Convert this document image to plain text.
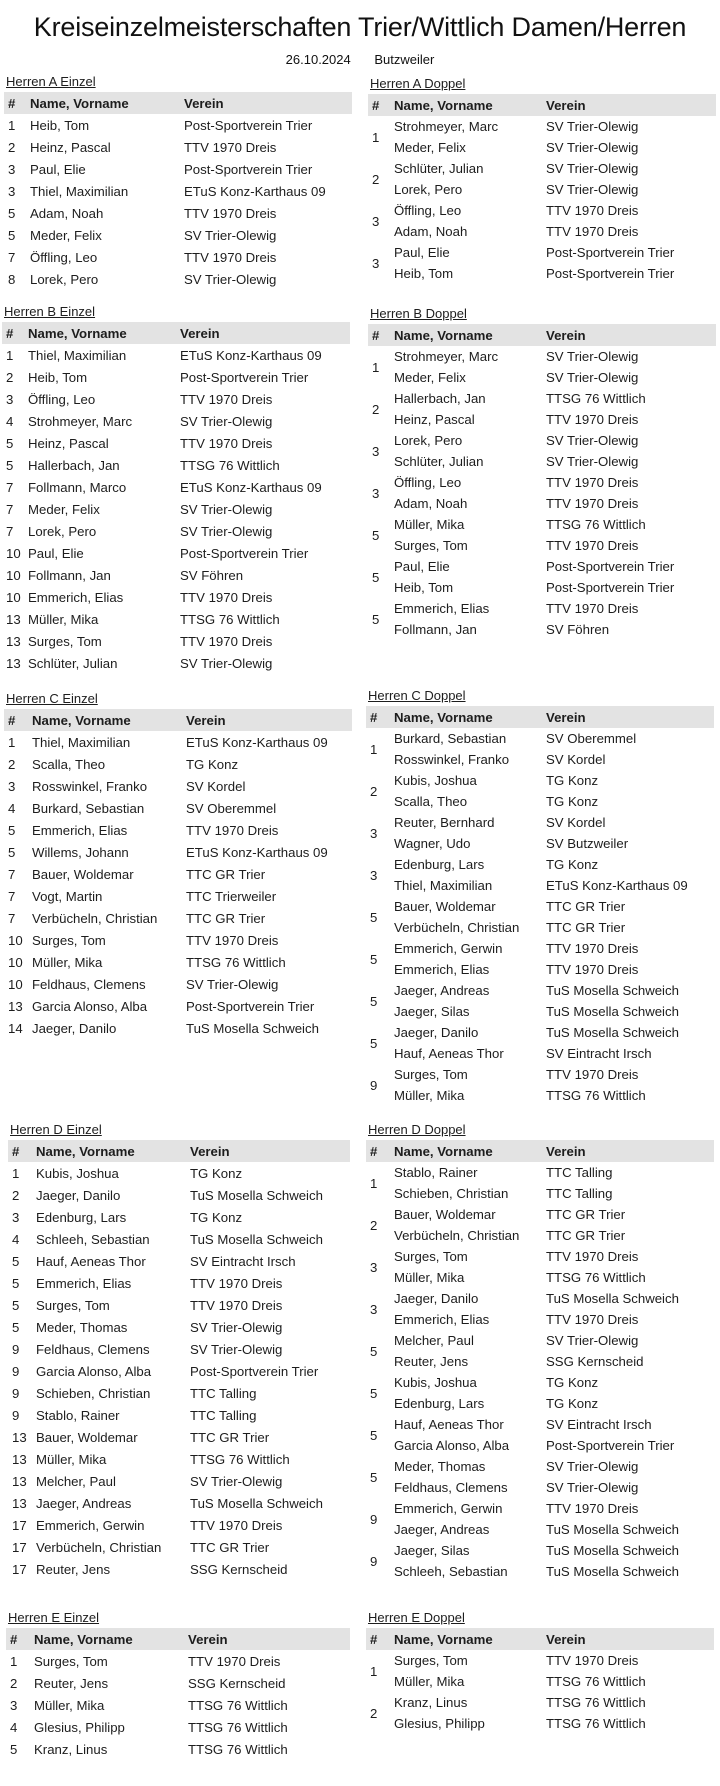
Kreiseinzelmeisterschaften Trier/Wittlich Damen/Herren
26.10.2024 Butzweiler
Herren A Einzel
#	Name, Vorname	Verein
1	Heib, Tom	Post-Sportverein Trier
2	Heinz, Pascal	TTV 1970 Dreis
3	Paul, Elie	Post-Sportverein Trier
3	Thiel, Maximilian	ETuS Konz-Karthaus 09
5	Adam, Noah	TTV 1970 Dreis
5	Meder, Felix	SV Trier-Olewig
7	Öffling, Leo	TTV 1970 Dreis
8	Lorek, Pero	SV Trier-Olewig
Herren A Doppel
#	Name, Vorname	Verein
1	Strohmeyer, Marc	SV Trier-Olewig
	Meder, Felix	SV Trier-Olewig
2	Schlüter, Julian	SV Trier-Olewig
	Lorek, Pero	SV Trier-Olewig
3	Öffling, Leo	TTV 1970 Dreis
	Adam, Noah	TTV 1970 Dreis
3	Paul, Elie	Post-Sportverein Trier
	Heib, Tom	Post-Sportverein Trier
Herren B Einzel
#	Name, Vorname	Verein
1	Thiel, Maximilian	ETuS Konz-Karthaus 09
2	Heib, Tom	Post-Sportverein Trier
3	Öffling, Leo	TTV 1970 Dreis
4	Strohmeyer, Marc	SV Trier-Olewig
5	Heinz, Pascal	TTV 1970 Dreis
5	Hallerbach, Jan	TTSG 76 Wittlich
7	Follmann, Marco	ETuS Konz-Karthaus 09
7	Meder, Felix	SV Trier-Olewig
7	Lorek, Pero	SV Trier-Olewig
10	Paul, Elie	Post-Sportverein Trier
10	Follmann, Jan	SV Föhren
10	Emmerich, Elias	TTV 1970 Dreis
13	Müller, Mika	TTSG 76 Wittlich
13	Surges, Tom	TTV 1970 Dreis
13	Schlüter, Julian	SV Trier-Olewig
Herren B Doppel
#	Name, Vorname	Verein
1	Strohmeyer, Marc	SV Trier-Olewig
	Meder, Felix	SV Trier-Olewig
2	Hallerbach, Jan	TTSG 76 Wittlich
	Heinz, Pascal	TTV 1970 Dreis
3	Lorek, Pero	SV Trier-Olewig
	Schlüter, Julian	SV Trier-Olewig
3	Öffling, Leo	TTV 1970 Dreis
	Adam, Noah	TTV 1970 Dreis
5	Müller, Mika	TTSG 76 Wittlich
	Surges, Tom	TTV 1970 Dreis
5	Paul, Elie	Post-Sportverein Trier
	Heib, Tom	Post-Sportverein Trier
5	Emmerich, Elias	TTV 1970 Dreis
	Follmann, Jan	SV Föhren
Herren C Einzel
#	Name, Vorname	Verein
1	Thiel, Maximilian	ETuS Konz-Karthaus 09
2	Scalla, Theo	TG Konz
3	Rosswinkel, Franko	SV Kordel
4	Burkard, Sebastian	SV Oberemmel
5	Emmerich, Elias	TTV 1970 Dreis
5	Willems, Johann	ETuS Konz-Karthaus 09
7	Bauer, Woldemar	TTC GR Trier
7	Vogt, Martin	TTC Trierweiler
7	Verbücheln, Christian	TTC GR Trier
10	Surges, Tom	TTV 1970 Dreis
10	Müller, Mika	TTSG 76 Wittlich
10	Feldhaus, Clemens	SV Trier-Olewig
13	Garcia Alonso, Alba	Post-Sportverein Trier
14	Jaeger, Danilo	TuS Mosella Schweich
Herren C Doppel
#	Name, Vorname	Verein
1	Burkard, Sebastian	SV Oberemmel
	Rosswinkel, Franko	SV Kordel
2	Kubis, Joshua	TG Konz
	Scalla, Theo	TG Konz
3	Reuter, Bernhard	SV Kordel
	Wagner, Udo	SV Butzweiler
3	Edenburg, Lars	TG Konz
	Thiel, Maximilian	ETuS Konz-Karthaus 09
5	Bauer, Woldemar	TTC GR Trier
	Verbücheln, Christian	TTC GR Trier
5	Emmerich, Gerwin	TTV 1970 Dreis
	Emmerich, Elias	TTV 1970 Dreis
5	Jaeger, Andreas	TuS Mosella Schweich
	Jaeger, Silas	TuS Mosella Schweich
5	Jaeger, Danilo	TuS Mosella Schweich
	Hauf, Aeneas Thor	SV Eintracht Irsch
9	Surges, Tom	TTV 1970 Dreis
	Müller, Mika	TTSG 76 Wittlich
Herren D Einzel
#	Name, Vorname	Verein
1	Kubis, Joshua	TG Konz
2	Jaeger, Danilo	TuS Mosella Schweich
3	Edenburg, Lars	TG Konz
4	Schleeh, Sebastian	TuS Mosella Schweich
5	Hauf, Aeneas Thor	SV Eintracht Irsch
5	Emmerich, Elias	TTV 1970 Dreis
5	Surges, Tom	TTV 1970 Dreis
5	Meder, Thomas	SV Trier-Olewig
9	Feldhaus, Clemens	SV Trier-Olewig
9	Garcia Alonso, Alba	Post-Sportverein Trier
9	Schieben, Christian	TTC Talling
9	Stablo, Rainer	TTC Talling
13	Bauer, Woldemar	TTC GR Trier
13	Müller, Mika	TTSG 76 Wittlich
13	Melcher, Paul	SV Trier-Olewig
13	Jaeger, Andreas	TuS Mosella Schweich
17	Emmerich, Gerwin	TTV 1970 Dreis
17	Verbücheln, Christian	TTC GR Trier
17	Reuter, Jens	SSG Kernscheid
Herren D Doppel
#	Name, Vorname	Verein
1	Stablo, Rainer	TTC Talling
	Schieben, Christian	TTC Talling
2	Bauer, Woldemar	TTC GR Trier
	Verbücheln, Christian	TTC GR Trier
3	Surges, Tom	TTV 1970 Dreis
	Müller, Mika	TTSG 76 Wittlich
3	Jaeger, Danilo	TuS Mosella Schweich
	Emmerich, Elias	TTV 1970 Dreis
5	Melcher, Paul	SV Trier-Olewig
	Reuter, Jens	SSG Kernscheid
5	Kubis, Joshua	TG Konz
	Edenburg, Lars	TG Konz
5	Hauf, Aeneas Thor	SV Eintracht Irsch
	Garcia Alonso, Alba	Post-Sportverein Trier
5	Meder, Thomas	SV Trier-Olewig
	Feldhaus, Clemens	SV Trier-Olewig
9	Emmerich, Gerwin	TTV 1970 Dreis
	Jaeger, Andreas	TuS Mosella Schweich
9	Jaeger, Silas	TuS Mosella Schweich
	Schleeh, Sebastian	TuS Mosella Schweich
Herren E Einzel
#	Name, Vorname	Verein
1	Surges, Tom	TTV 1970 Dreis
2	Reuter, Jens	SSG Kernscheid
3	Müller, Mika	TTSG 76 Wittlich
4	Glesius, Philipp	TTSG 76 Wittlich
5	Kranz, Linus	TTSG 76 Wittlich
Herren E Doppel
#	Name, Vorname	Verein
1	Surges, Tom	TTV 1970 Dreis
	Müller, Mika	TTSG 76 Wittlich
2	Kranz, Linus	TTSG 76 Wittlich
	Glesius, Philipp	TTSG 76 Wittlich
